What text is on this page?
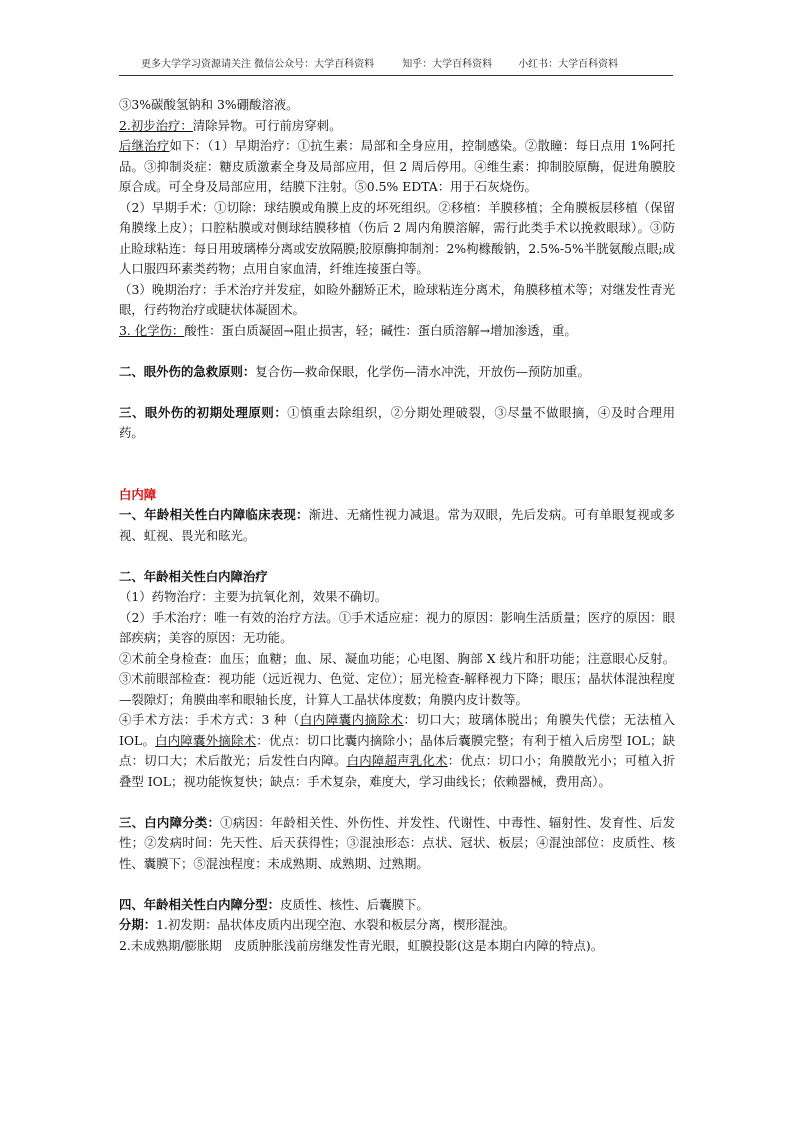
更多大学学习资源请关注 微信公众号：大学百科资料	知乎：大学百科资料	小红书：大学百科资料

③3%碳酸氢钠和 3%硼酸溶液。

2.初步治疗：清除异物。可行前房穿刺。

后继治疗如下：（1）早期治疗：①抗生素：局部和全身应用，控制感染。②散瞳：每日点用 1%阿托品。③抑制炎症：糖皮质激素全身及局部应用，但 2 周后停用。④维生素：抑制胶原酶，促进角膜胶原合成。可全身及局部应用，结膜下注射。⑤0.5% EDTA：用于石灰烧伤。

（2）早期手术：①切除：球结膜或角膜上皮的坏死组织。②移植：羊膜移植；全角膜板层移植（保留角膜缘上皮）；口腔粘膜或对侧球结膜移植（伤后 2 周内角膜溶解，需行此类手术以挽救眼球）。③防止睑球粘连：每日用玻璃棒分离或安放隔膜;胶原酶抑制剂：2%枸橼酸钠，2.5%-5%半胱氨酸点眼;成人口服四环素类药物；点用自家血清，纤维连接蛋白等。

（3）晚期治疗：手术治疗并发症，如睑外翻矫正术，睑球粘连分离术，角膜移植术等；对继发性青光眼，行药物治疗或睫状体凝固术。

3. 化学伤：酸性：蛋白质凝固→阻止损害，轻；碱性：蛋白质溶解→增加渗透，重。

二、眼外伤的急救原则：复合伤—救命保眼，化学伤—清水冲洗，开放伤—预防加重。

三、眼外伤的初期处理原则：①慎重去除组织，②分期处理破裂，③尽量不做眼摘，④及时合理用药。

白内障

一、年龄相关性白内障临床表现：渐进、无痛性视力减退。常为双眼，先后发病。可有单眼复视或多视、虹视、畏光和眩光。

二、年龄相关性白内障治疗

（1）药物治疗：主要为抗氧化剂，效果不确切。

（2）手术治疗：唯一有效的治疗方法。①手术适应症：视力的原因：影响生活质量；医疗的原因：眼部疾病；美容的原因：无功能。

②术前全身检查：血压；血糖；血、尿、凝血功能；心电图、胸部 X 线片和肝功能；注意眼心反射。③术前眼部检查：视功能（远近视力、色觉、定位）；屈光检查-解释视力下降；眼压；晶状体混浊程度—裂隙灯；角膜曲率和眼轴长度，计算人工晶状体度数；角膜内皮计数等。

④手术方法：手术方式：3 种（白内障囊内摘除术：切口大；玻璃体脱出；角膜失代偿；无法植入 IOL。白内障囊外摘除术：优点：切口比囊内摘除小；晶体后囊膜完整；有利于植入后房型 IOL；缺点：切口大；术后散光；后发性白内障。白内障超声乳化术：优点：切口小；角膜散光小；可植入折叠型 IOL；视功能恢复快；缺点：手术复杂，难度大，学习曲线长；依赖器械，费用高）。

三、白内障分类：①病因：年龄相关性、外伤性、并发性、代谢性、中毒性、辐射性、发育性、后发性；②发病时间：先天性、后天获得性；③混浊形态：点状、冠状、板层；④混浊部位：皮质性、核性、囊膜下；⑤混浊程度：未成熟期、成熟期、过熟期。

四、年龄相关性白内障分型：皮质性、核性、后囊膜下。

分期：1.初发期：晶状体皮质内出现空泡、水裂和板层分离，楔形混浊。

2.未成熟期/膨胀期　皮质肿胀浅前房继发性青光眼，虹膜投影(这是本期白内障的特点)。
